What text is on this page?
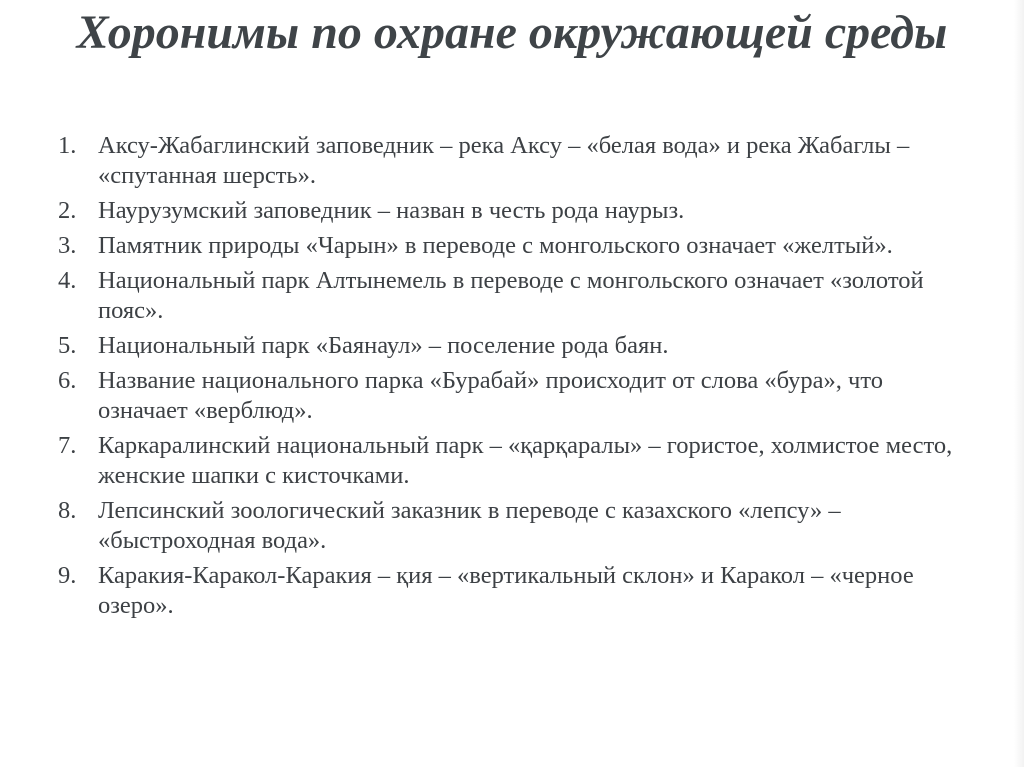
Хоронимы по охране окружающей среды
1. Аксу-Жабаглинский заповедник – река Аксу – «белая вода» и река Жабаглы – «спутанная шерсть».
2. Наурузумский заповедник – назван в честь рода наурыз.
3. Памятник природы «Чарын» в переводе с монгольского означает «желтый».
4. Национальный парк Алтынемель в переводе с монгольского означает «золотой пояс».
5. Национальный парк «Баянаул» – поселение рода баян.
6. Название национального парка «Бурабай» происходит от слова «бура», что означает «верблюд».
7. Каркаралинский национальный парк – «қарқаралы» – гористое, холмистое место, женские шапки с кисточками.
8. Лепсинский зоологический заказник в переводе с казахского «лепсу» – «быстроходная вода».
9. Каракия-Каракол-Каракия – қия – «вертикальный склон» и Каракол – «черное озеро».
